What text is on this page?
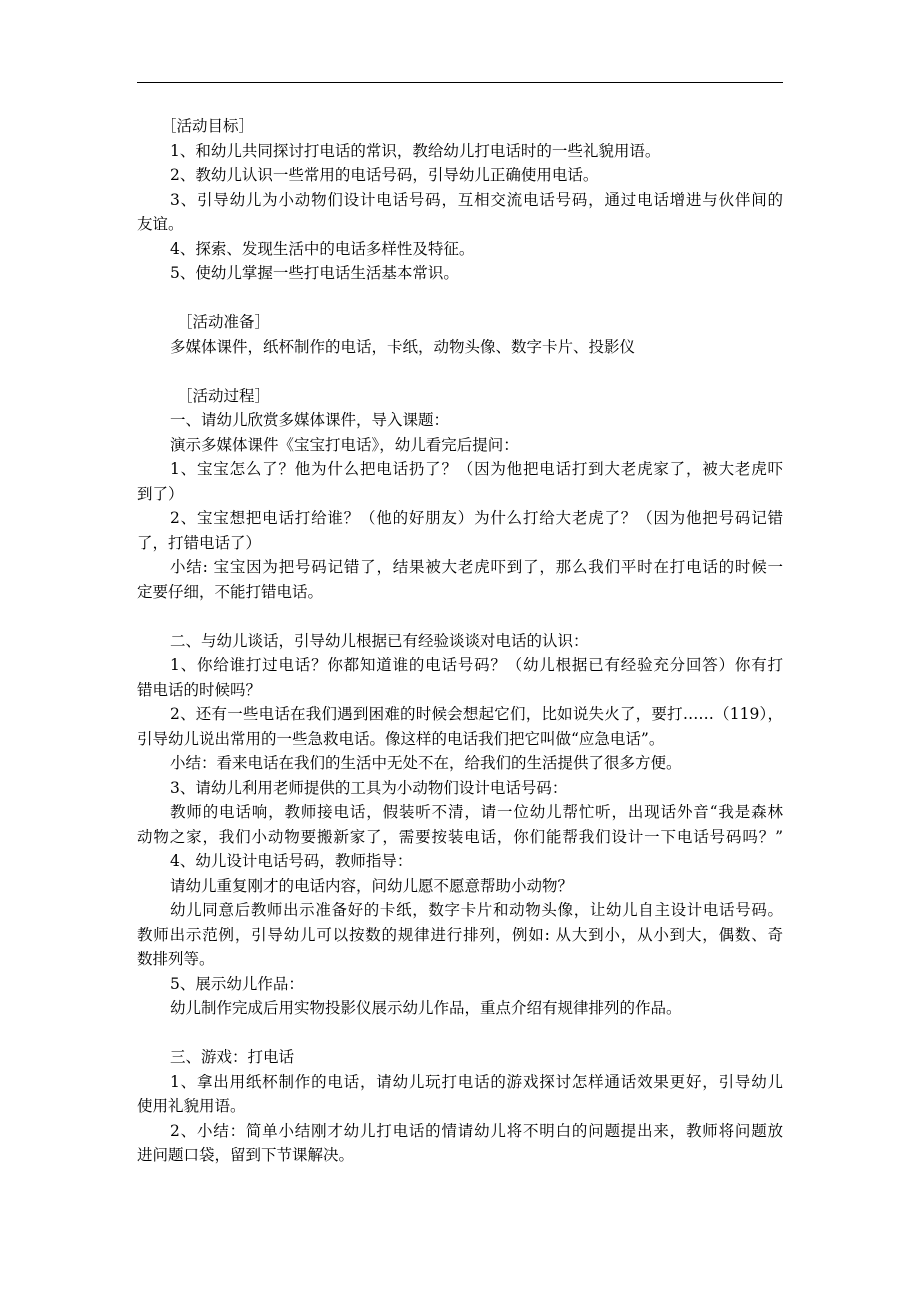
［活动目标］
1、和幼儿共同探讨打电话的常识，教给幼儿打电话时的一些礼貌用语。
2、教幼儿认识一些常用的电话号码，引导幼儿正确使用电话。
3、引导幼儿为小动物们设计电话号码，互相交流电话号码，通过电话增进与伙伴间的
友谊。
4、探索、发现生活中的电话多样性及特征。
5、使幼儿掌握一些打电话生活基本常识。
［活动准备］
多媒体课件，纸杯制作的电话，卡纸，动物头像、数字卡片、投影仪
［活动过程］
一、请幼儿欣赏多媒体课件，导入课题：
演示多媒体课件《宝宝打电话》，幼儿看完后提问：
1、宝宝怎么了？他为什么把电话扔了？（因为他把电话打到大老虎家了，被大老虎吓
到了）
2、宝宝想把电话打给谁？（他的好朋友）为什么打给大老虎了？（因为他把号码记错
了，打错电话了）
小结: 宝宝因为把号码记错了，结果被大老虎吓到了，那么我们平时在打电话的时候一
定要仔细，不能打错电话。
二、与幼儿谈话，引导幼儿根据已有经验谈谈对电话的认识：
1、你给谁打过电话？你都知道谁的电话号码？（幼儿根据已有经验充分回答）你有打
错电话的时候吗？
2、还有一些电话在我们遇到困难的时候会想起它们，比如说失火了，要打……（119），
引导幼儿说出常用的一些急救电话。像这样的电话我们把它叫做“应急电话”。
小结：看来电话在我们的生活中无处不在，给我们的生活提供了很多方便。
3、请幼儿利用老师提供的工具为小动物们设计电话号码：
教师的电话响，教师接电话，假装听不清，请一位幼儿帮忙听，出现话外音“我是森林
动物之家，我们小动物要搬新家了，需要按装电话，你们能帮我们设计一下电话号码吗？”
4、幼儿设计电话号码，教师指导：
请幼儿重复刚才的电话内容，问幼儿愿不愿意帮助小动物？
幼儿同意后教师出示准备好的卡纸，数字卡片和动物头像，让幼儿自主设计电话号码。
教师出示范例，引导幼儿可以按数的规律进行排列，例如: 从大到小，从小到大，偶数、奇
数排列等。
5、展示幼儿作品：
幼儿制作完成后用实物投影仪展示幼儿作品，重点介绍有规律排列的作品。
三、游戏：打电话
1、拿出用纸杯制作的电话，请幼儿玩打电话的游戏探讨怎样通话效果更好，引导幼儿
使用礼貌用语。
2、小结：简单小结刚才幼儿打电话的情请幼儿将不明白的问题提出来，教师将问题放
进问题口袋，留到下节课解决。
